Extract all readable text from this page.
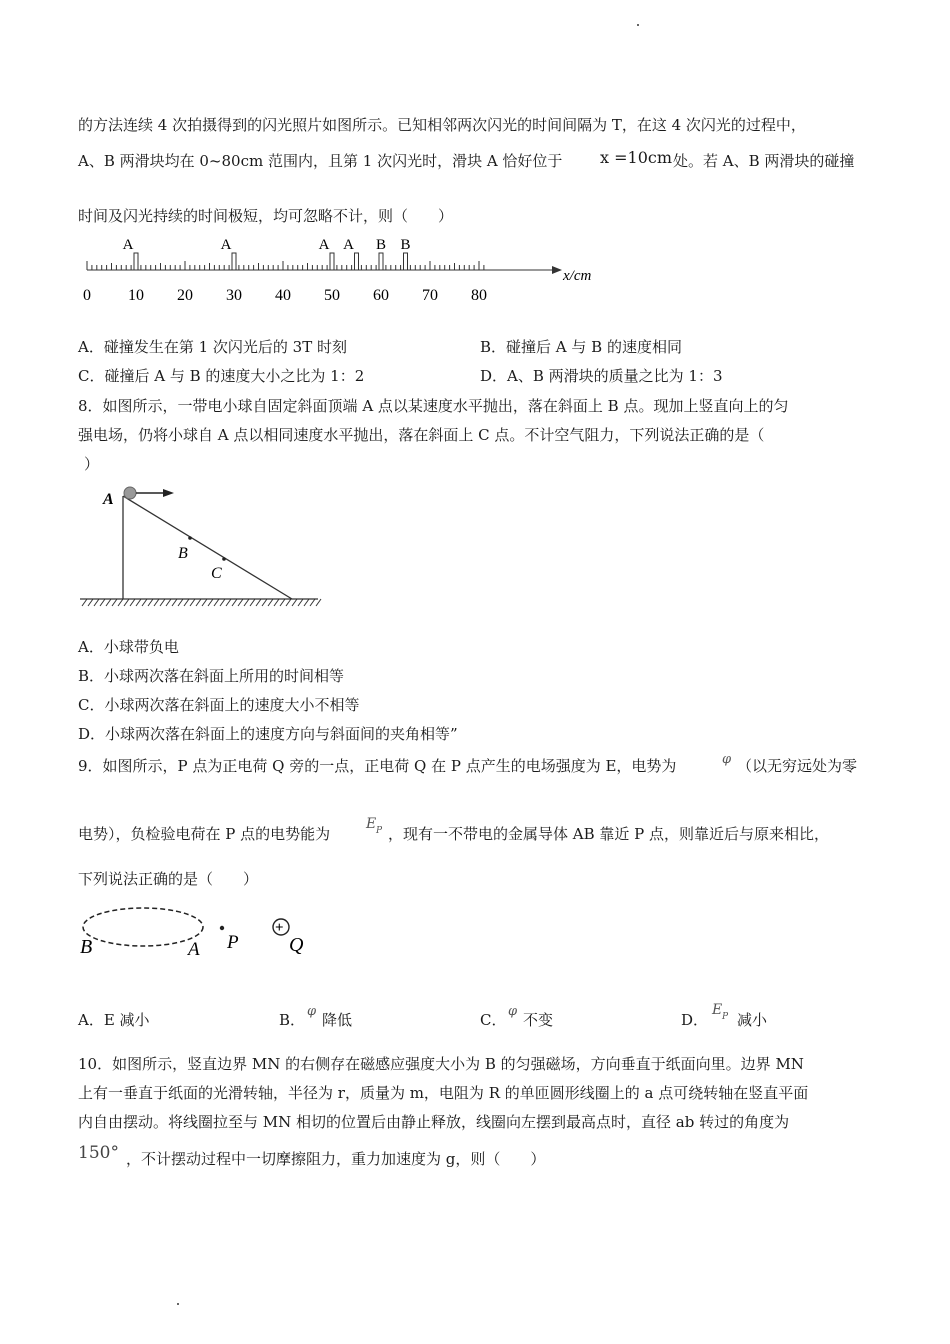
的方法连续 4 次拍摄得到的闪光照片如图所示。已知相邻两次闪光的时间间隔为 T，在这 4 次闪光的过程中，
A、B 两滑块均在 0~80cm 范围内，且第 1 次闪光时，滑块 A 恰好位于 x =10cm 处。若 A、B 两滑块的碰撞
时间及闪光持续的时间极短，均可忽略不计，则（　　）
0 10 20 30 40 50 60 70 80
A	A	A A B B
x/cm
A．碰撞发生在第 1 次闪光后的 3T 时刻	B．碰撞后 A 与 B 的速度相同
C．碰撞后 A 与 B 的速度大小之比为 1：2	D．A、B 两滑块的质量之比为 1：3
8．如图所示，一带电小球自固定斜面顶端 A 点以某速度水平抛出，落在斜面上 B 点。现加上竖直向上的匀
强电场，仍将小球自 A 点以相同速度水平抛出，落在斜面上 C 点。不计空气阻力，下列说法正确的是（
）
A
B
C
A．小球带负电
B．小球两次落在斜面上所用的时间相等
C．小球两次落在斜面上的速度大小不相等
D．小球两次落在斜面上的速度方向与斜面间的夹角相等”
9．如图所示，P 点为正电荷 Q 旁的一点，正电荷 Q 在 P 点产生的电场强度为 E，电势为	φ （以无穷远处为零
电势），负检验电荷在 P 点的电势能为
E P ，现有一不带电的金属导体 AB 靠近 P 点，则靠近后与原来相比，
下列说法正确的是（　　）
B	A P
+
Q
A．E 减小	B． φ 降低	C． φ 不变	D．
E P 减小
10．如图所示，竖直边界 MN 的右侧存在磁感应强度大小为 B 的匀强磁场，方向垂直于纸面向里。边界 MN
上有一垂直于纸面的光滑转轴，半径为 r，质量为 m，电阻为 R 的单匝圆形线圈上的 a 点可绕转轴在竖直平面
内自由摆动。将线圈拉至与 MN 相切的位置后由静止释放，线圈向左摆到最高点时，直径 ab 转过的角度为
150° ，不计摆动过程中一切摩擦阻力，重力加速度为 g，则（　　）
